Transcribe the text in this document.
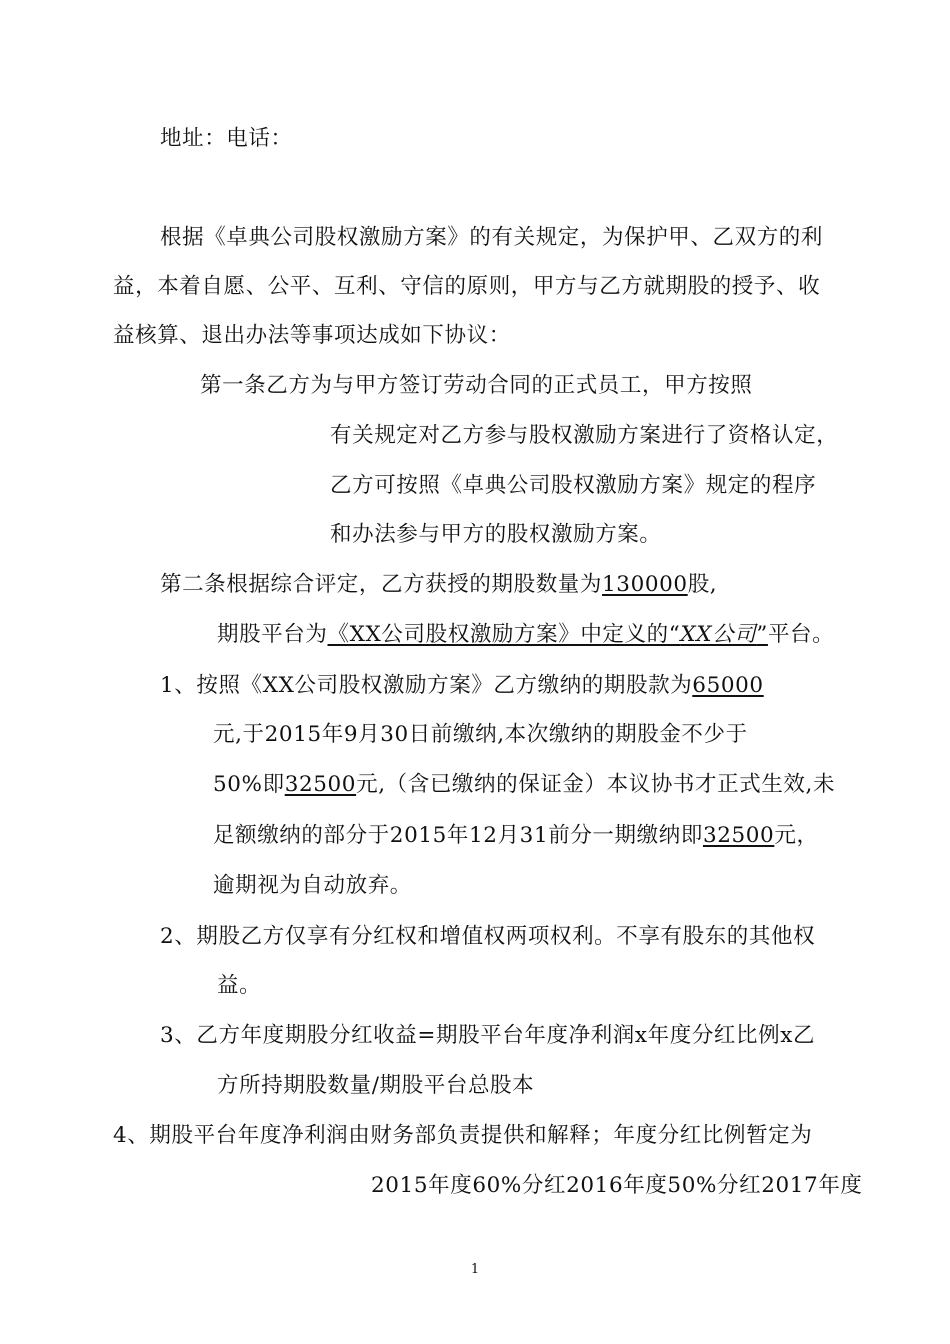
地址：电话：
根据《卓典公司股权激励方案》的有关规定，为保护甲、乙双方的利
益，本着自愿、公平、互利、守信的原则，甲方与乙方就期股的授予、收
益核算、退出办法等事项达成如下协议：
第一条乙方为与甲方签订劳动合同的正式员工，甲方按照
有关规定对乙方参与股权激励方案进行了资格认定，
乙方可按照《卓典公司股权激励方案》规定的程序
和办法参与甲方的股权激励方案。
第二条根据综合评定，乙方获授的期股数量为130000股,
期股平台为《XX公司股权激励方案》中定义的“XX公司”平台。
1、按照《XX公司股权激励方案》乙方缴纳的期股款为65000
元,于2015年9月30日前缴纳,本次缴纳的期股金不少于
50%即32500元,（含已缴纳的保证金）本议协书才正式生效,未
足额缴纳的部分于2015年12月31前分一期缴纳即32500元，
逾期视为自动放弃。
2、期股乙方仅享有分红权和增值权两项权利。不享有股东的其他权
益。
3、乙方年度期股分红收益=期股平台年度净利润x年度分红比例x乙
方所持期股数量/期股平台总股本
4、期股平台年度净利润由财务部负责提供和解释；年度分红比例暂定为
2015年度60%分红2016年度50%分红2017年度
1
